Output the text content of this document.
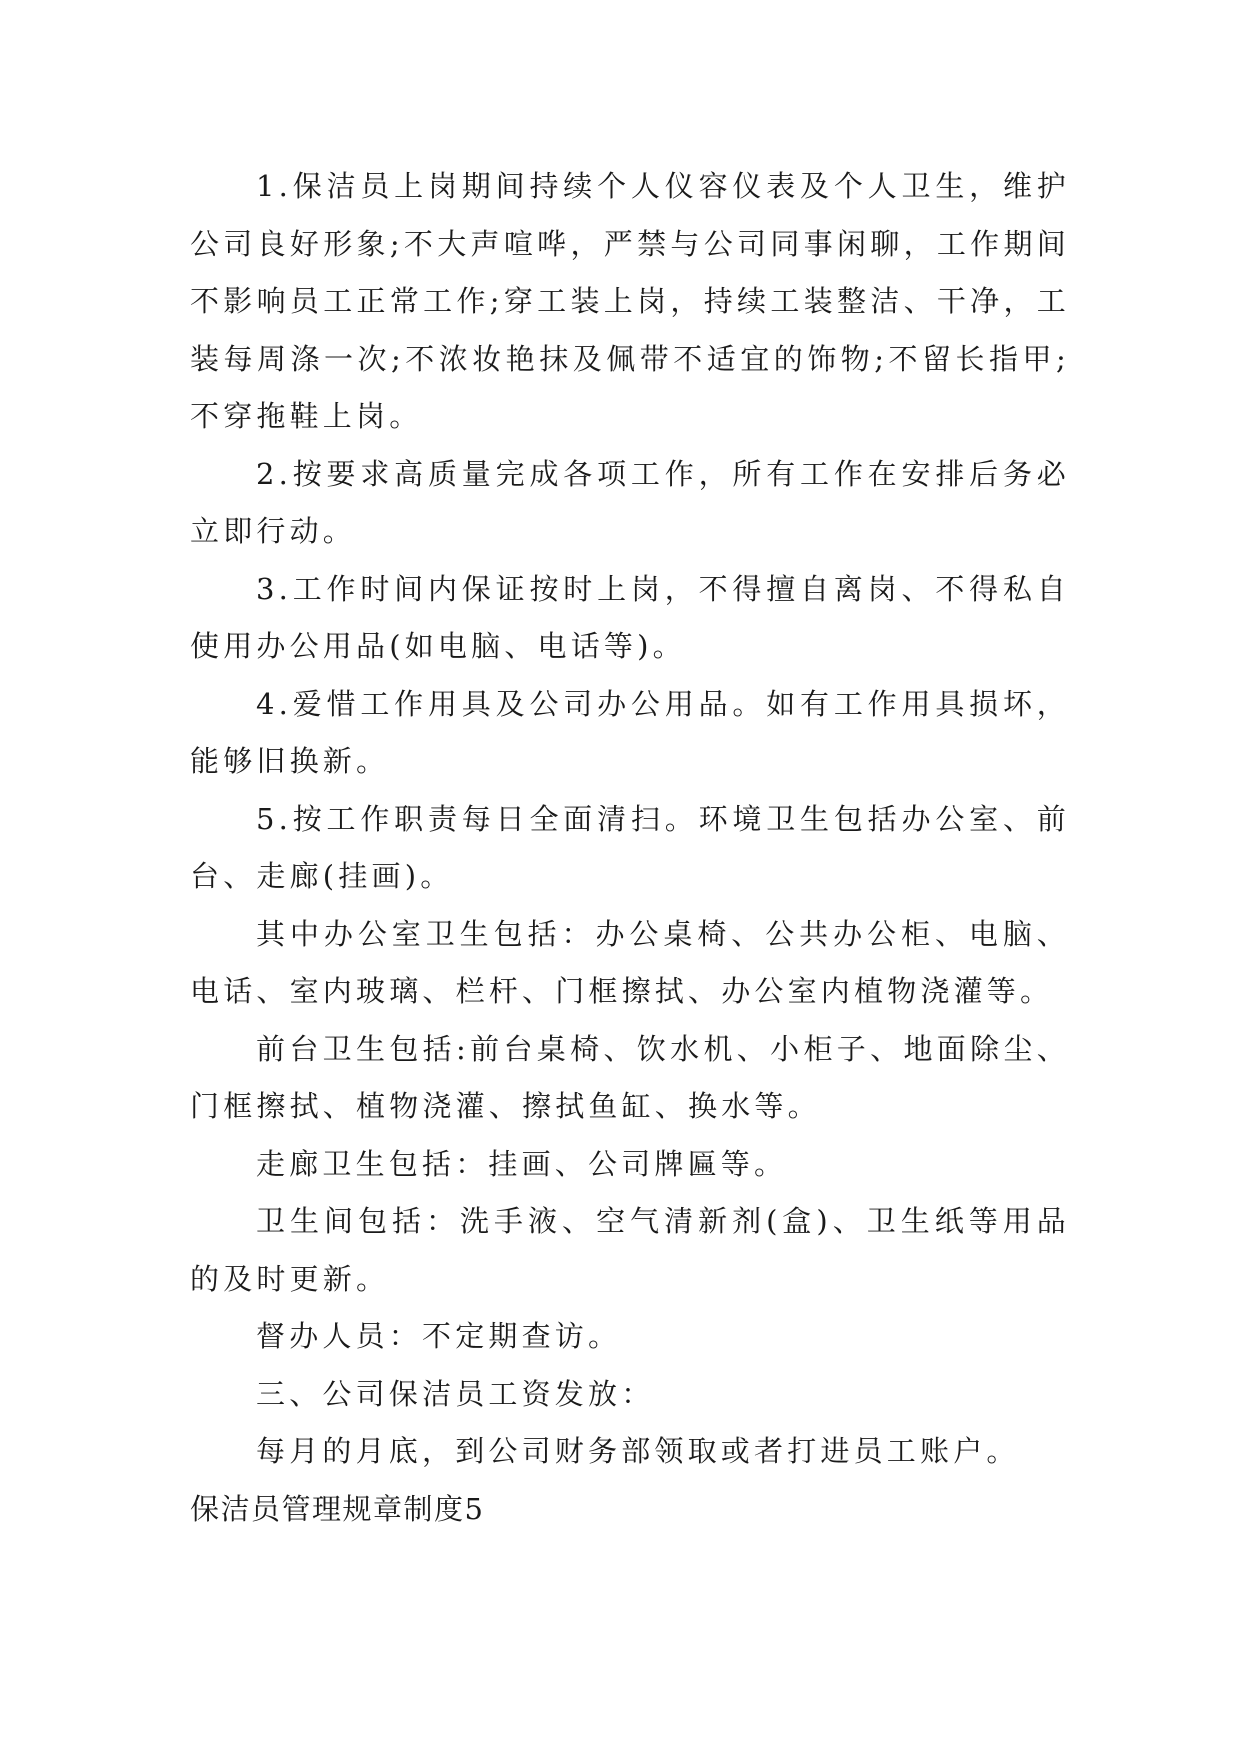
1.保洁员上岗期间持续个人仪容仪表及个人卫生，维护公司良好形象;不大声喧哗，严禁与公司同事闲聊，工作期间不影响员工正常工作;穿工装上岗，持续工装整洁、干净，工装每周涤一次;不浓妆艳抹及佩带不适宜的饰物;不留长指甲;不穿拖鞋上岗。

2.按要求高质量完成各项工作，所有工作在安排后务必立即行动。

3.工作时间内保证按时上岗，不得擅自离岗、不得私自使用办公用品(如电脑、电话等)。

4.爱惜工作用具及公司办公用品。如有工作用具损坏，能够旧换新。

5.按工作职责每日全面清扫。环境卫生包括办公室、前台、走廊(挂画)。

其中办公室卫生包括：办公桌椅、公共办公柜、电脑、电话、室内玻璃、栏杆、门框擦拭、办公室内植物浇灌等。

前台卫生包括:前台桌椅、饮水机、小柜子、地面除尘、门框擦拭、植物浇灌、擦拭鱼缸、换水等。

走廊卫生包括：挂画、公司牌匾等。

卫生间包括：洗手液、空气清新剂(盒)、卫生纸等用品的及时更新。

督办人员：不定期查访。

三、公司保洁员工资发放：

每月的月底，到公司财务部领取或者打进员工账户。

保洁员管理规章制度5
